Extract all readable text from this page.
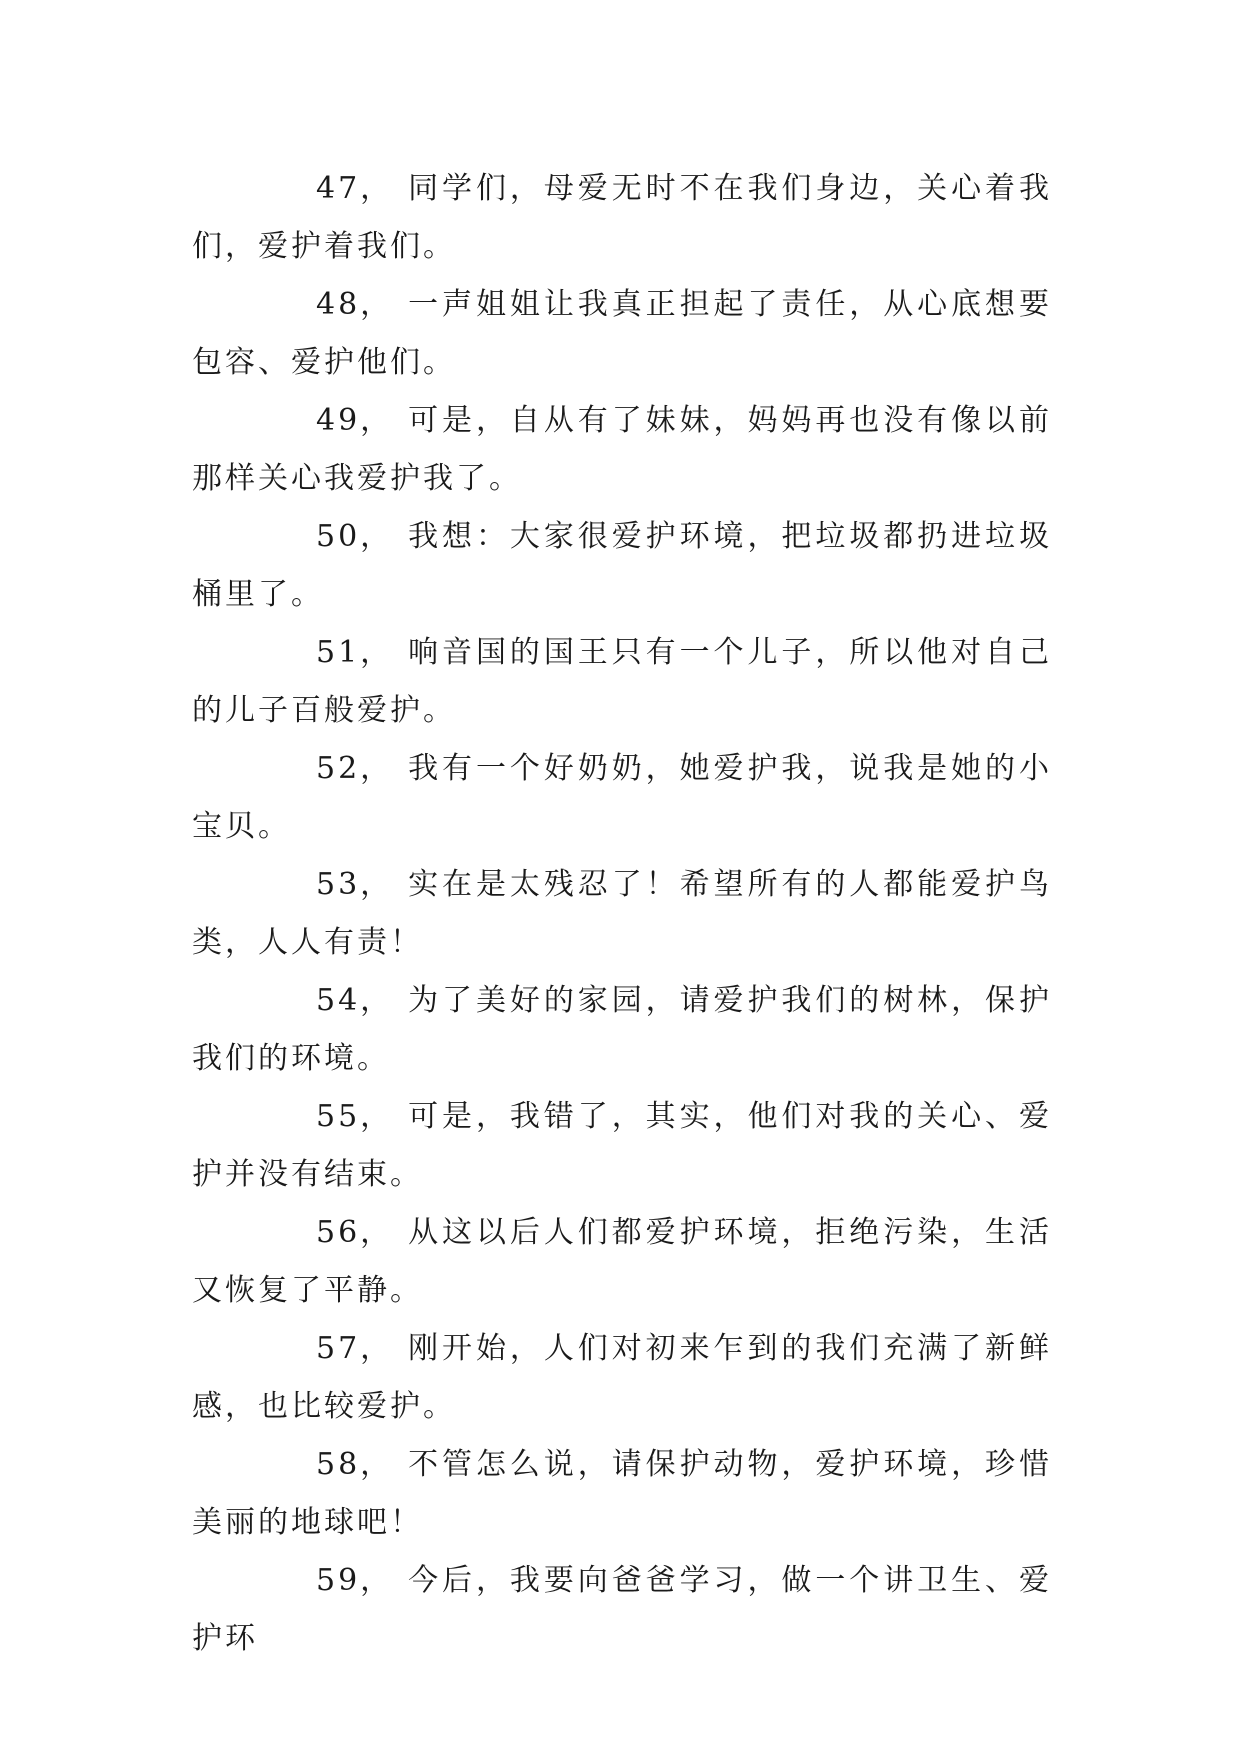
47， 同学们，母爱无时不在我们身边，关心着我们，爱护着我们。

48， 一声姐姐让我真正担起了责任，从心底想要包容、爱护他们。

49， 可是，自从有了妹妹，妈妈再也没有像以前那样关心我爱护我了。

50， 我想：大家很爱护环境，把垃圾都扔进垃圾桶里了。

51， 响音国的国王只有一个儿子，所以他对自己的儿子百般爱护。

52， 我有一个好奶奶，她爱护我，说我是她的小宝贝。

53， 实在是太残忍了！希望所有的人都能爱护鸟类，人人有责！

54， 为了美好的家园，请爱护我们的树林，保护我们的环境。

55， 可是，我错了，其实，他们对我的关心、爱护并没有结束。

56， 从这以后人们都爱护环境，拒绝污染，生活又恢复了平静。

57， 刚开始，人们对初来乍到的我们充满了新鲜感，也比较爱护。

58， 不管怎么说，请保护动物，爱护环境，珍惜美丽的地球吧！

59， 今后，我要向爸爸学习，做一个讲卫生、爱护环
